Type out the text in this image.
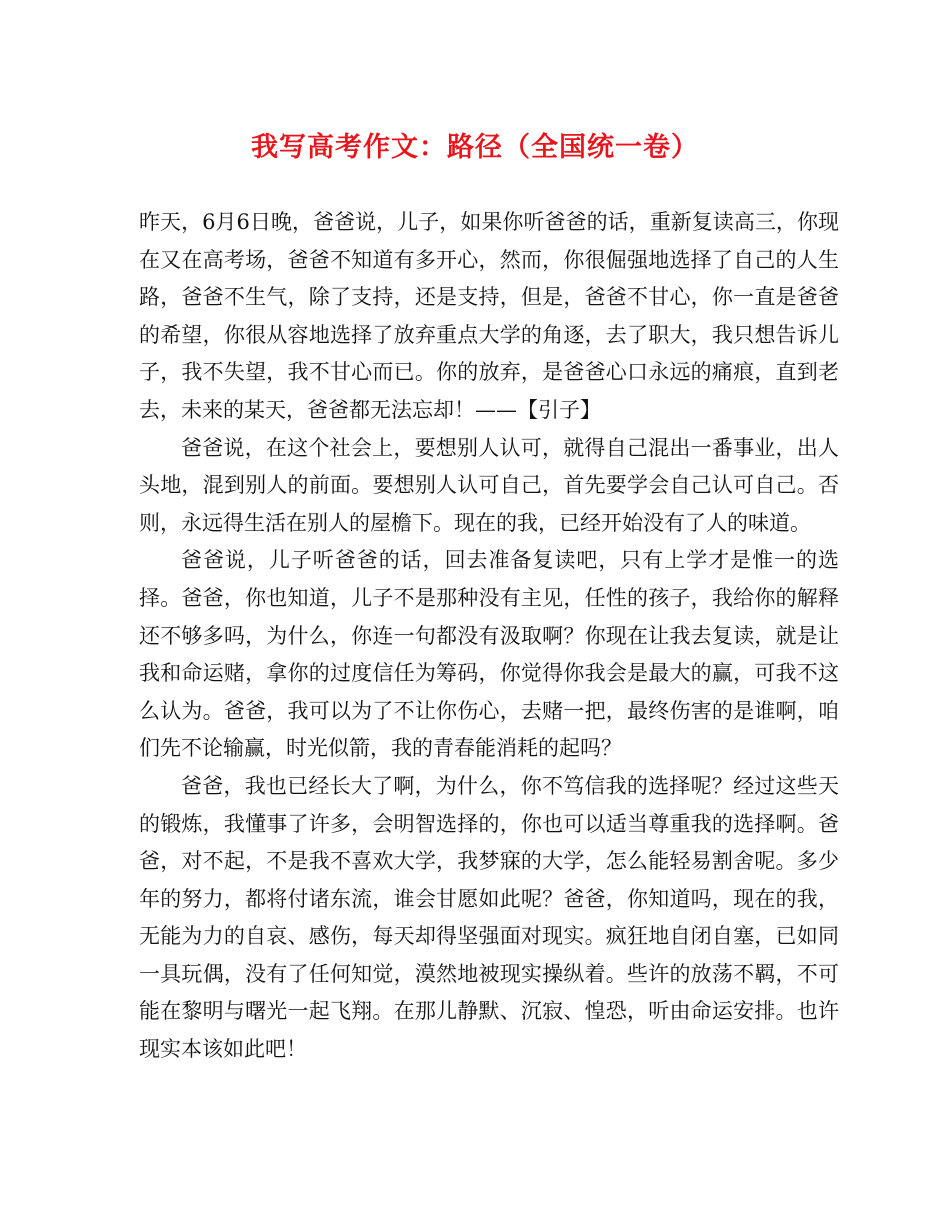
我写高考作文：路径（全国统一卷）

昨天，6月6日晚，爸爸说，儿子，如果你听爸爸的话，重新复读高三，你现在又在高考场，爸爸不知道有多开心，然而，你很倔强地选择了自己的人生路，爸爸不生气，除了支持，还是支持，但是，爸爸不甘心，你一直是爸爸的希望，你很从容地选择了放弃重点大学的角逐，去了职大，我只想告诉儿子，我不失望，我不甘心而已。你的放弃，是爸爸心口永远的痛痕，直到老去，未来的某天，爸爸都无法忘却！——【引子】

爸爸说，在这个社会上，要想别人认可，就得自己混出一番事业，出人头地，混到别人的前面。要想别人认可自己，首先要学会自己认可自己。否则，永远得生活在别人的屋檐下。现在的我，已经开始没有了人的味道。

爸爸说，儿子听爸爸的话，回去准备复读吧，只有上学才是惟一的选择。爸爸，你也知道，儿子不是那种没有主见，任性的孩子，我给你的解释还不够多吗，为什么，你连一句都没有汲取啊？你现在让我去复读，就是让我和命运赌，拿你的过度信任为筹码，你觉得你我会是最大的赢，可我不这么认为。爸爸，我可以为了不让你伤心，去赌一把，最终伤害的是谁啊，咱们先不论输赢，时光似箭，我的青春能消耗的起吗？

爸爸，我也已经长大了啊，为什么，你不笃信我的选择呢？经过这些天的锻炼，我懂事了许多，会明智选择的，你也可以适当尊重我的选择啊。爸爸，对不起，不是我不喜欢大学，我梦寐的大学，怎么能轻易割舍呢。多少年的努力，都将付诸东流，谁会甘愿如此呢？爸爸，你知道吗，现在的我，无能为力的自哀、感伤，每天却得坚强面对现实。疯狂地自闭自塞，已如同一具玩偶，没有了任何知觉，漠然地被现实操纵着。些许的放荡不羁，不可能在黎明与曙光一起飞翔。在那儿静默、沉寂、惶恐，听由命运安排。也许现实本该如此吧！
